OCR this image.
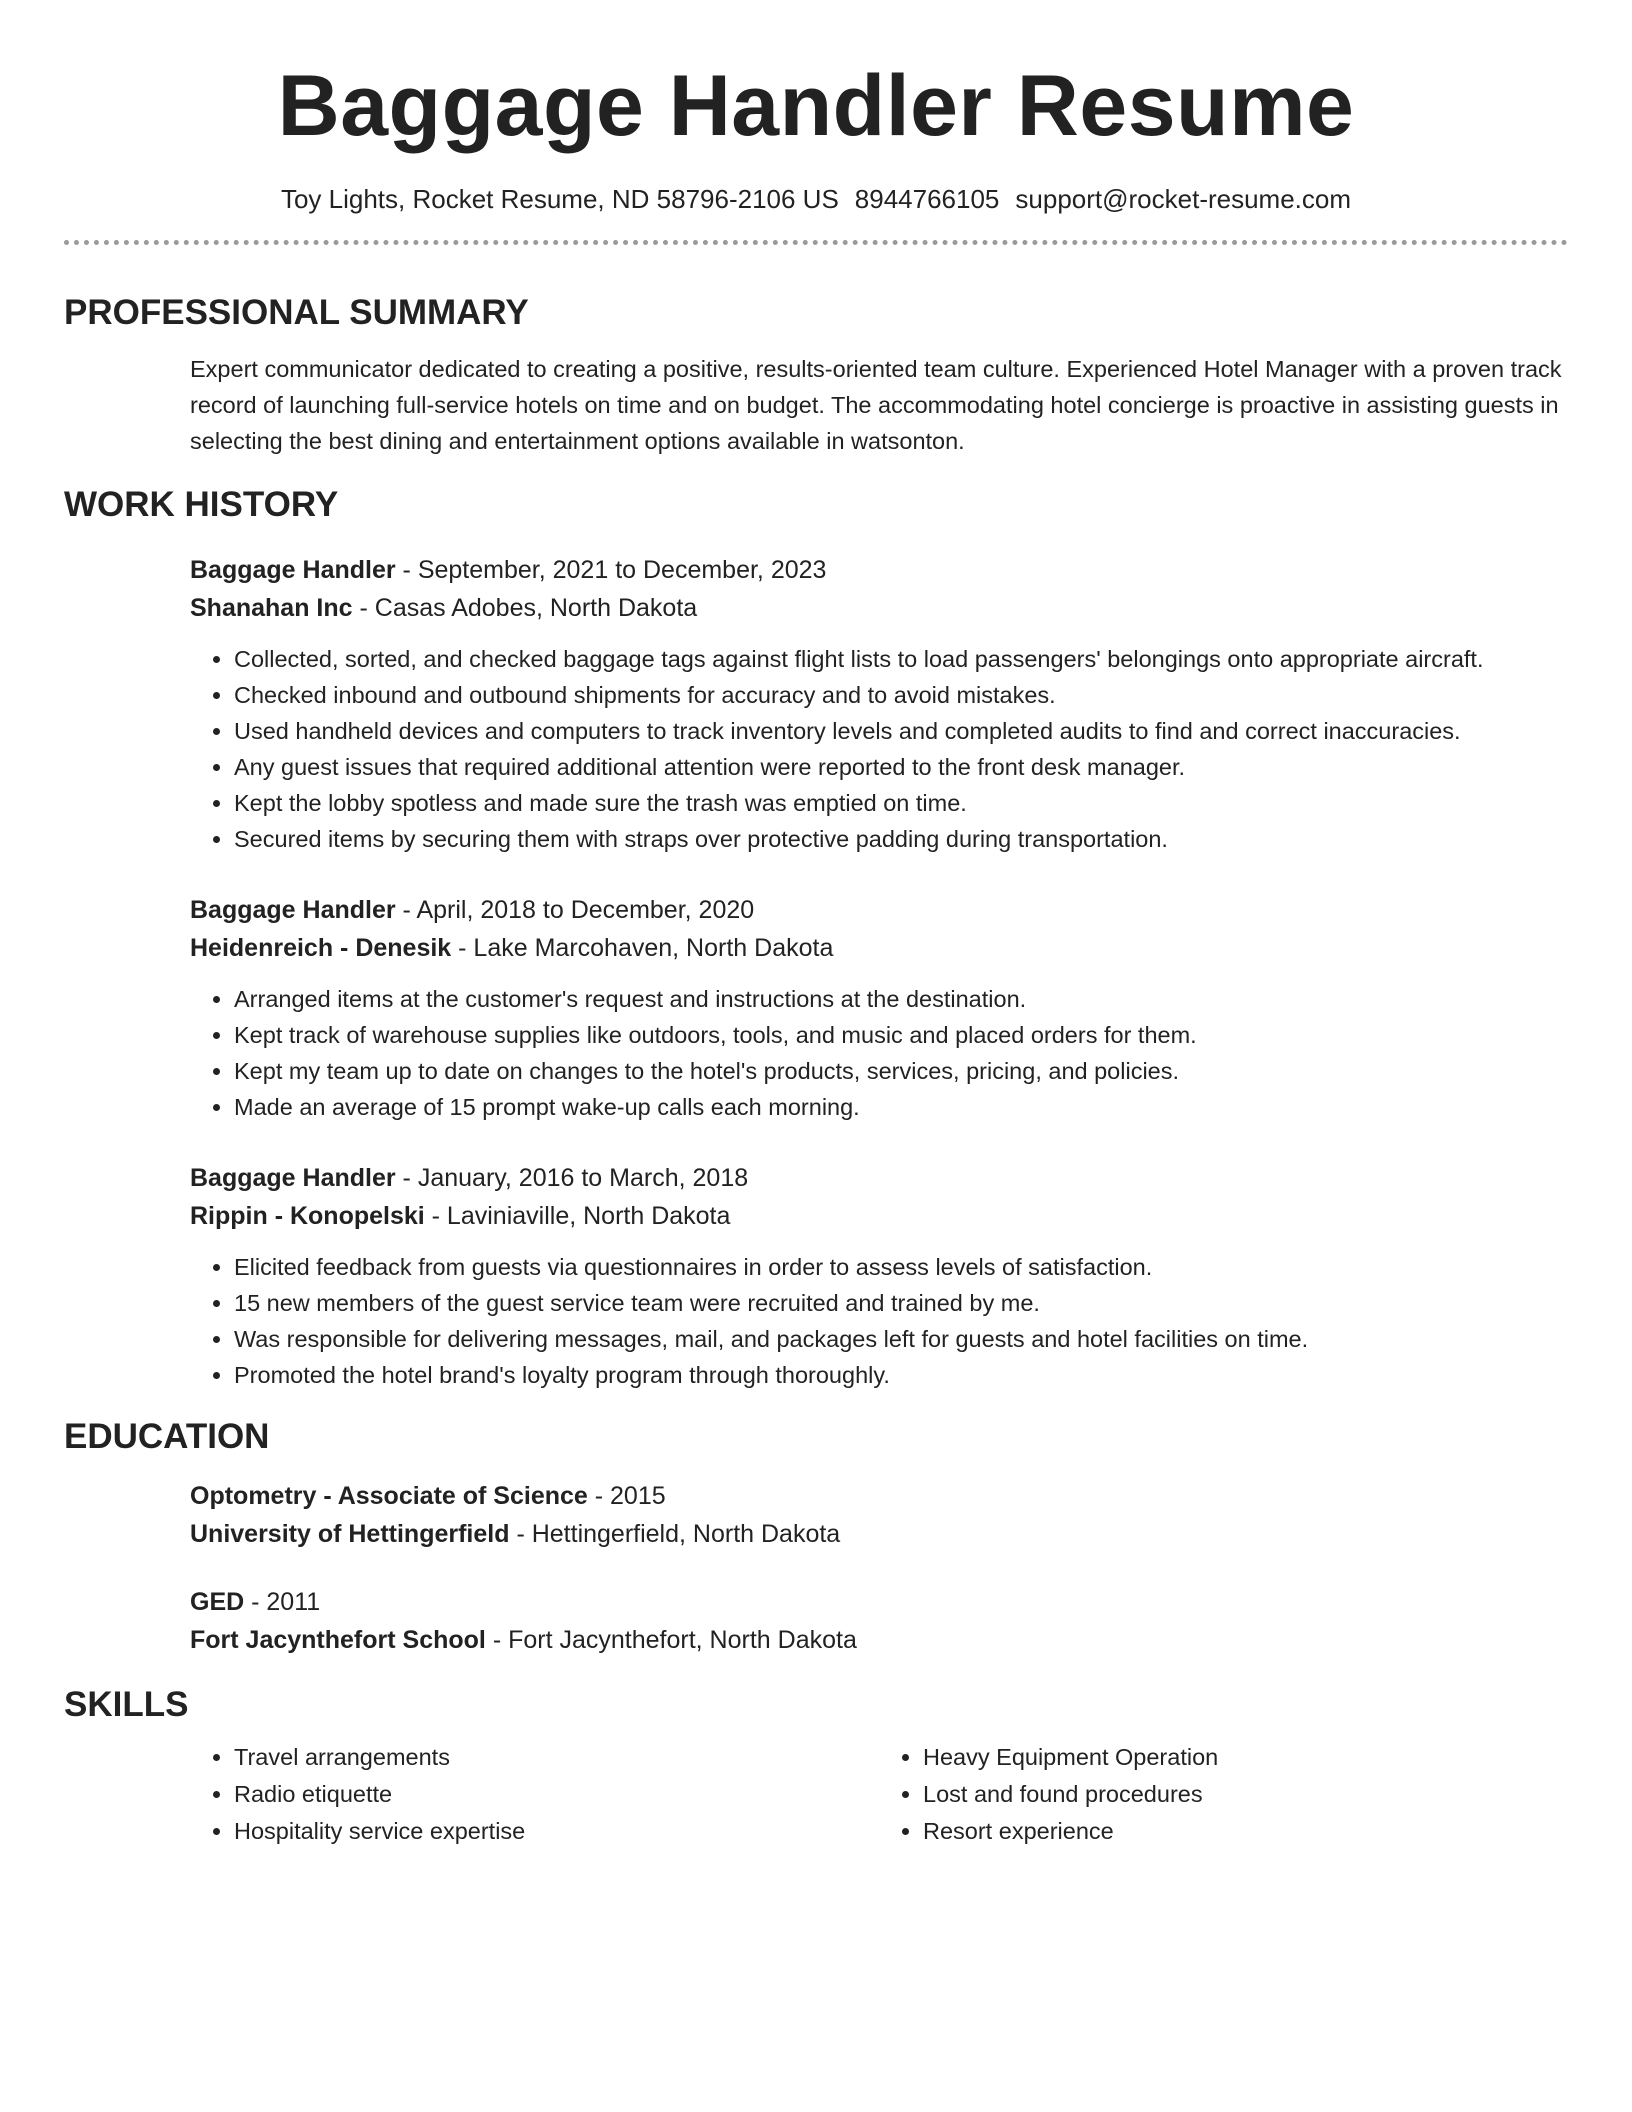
Baggage Handler Resume
Toy Lights, Rocket Resume, ND 58796-2106 US 8944766105 support@rocket-resume.com
PROFESSIONAL SUMMARY

Expert communicator dedicated to creating a positive, results-oriented team culture. Experienced Hotel Manager with a proven track record of launching full-service hotels on time and on budget. The accommodating hotel concierge is proactive in assisting guests in selecting the best dining and entertainment options available in watsonton.

WORK HISTORY
Baggage Handler - September, 2021 to December, 2023
Shanahan Inc - Casas Adobes, North Dakota
• Collected, sorted, and checked baggage tags against flight lists to load passengers' belongings onto appropriate aircraft.
• Checked inbound and outbound shipments for accuracy and to avoid mistakes.
• Used handheld devices and computers to track inventory levels and completed audits to find and correct inaccuracies.
• Any guest issues that required additional attention were reported to the front desk manager.
• Kept the lobby spotless and made sure the trash was emptied on time.
• Secured items by securing them with straps over protective padding during transportation.
Baggage Handler - April, 2018 to December, 2020
Heidenreich - Denesik - Lake Marcohaven, North Dakota
• Arranged items at the customer's request and instructions at the destination.
• Kept track of warehouse supplies like outdoors, tools, and music and placed orders for them.
• Kept my team up to date on changes to the hotel's products, services, pricing, and policies.
• Made an average of 15 prompt wake-up calls each morning.
Baggage Handler - January, 2016 to March, 2018
Rippin - Konopelski - Laviniaville, North Dakota
• Elicited feedback from guests via questionnaires in order to assess levels of satisfaction.
• 15 new members of the guest service team were recruited and trained by me.
• Was responsible for delivering messages, mail, and packages left for guests and hotel facilities on time.
• Promoted the hotel brand's loyalty program through thoroughly.
EDUCATION
Optometry - Associate of Science - 2015
University of Hettingerfield - Hettingerfield, North Dakota
GED - 2011
Fort Jacynthefort School - Fort Jacynthefort, North Dakota
SKILLS
• Travel arrangements
• Radio etiquette
• Hospitality service expertise
• Heavy Equipment Operation
• Lost and found procedures
• Resort experience
